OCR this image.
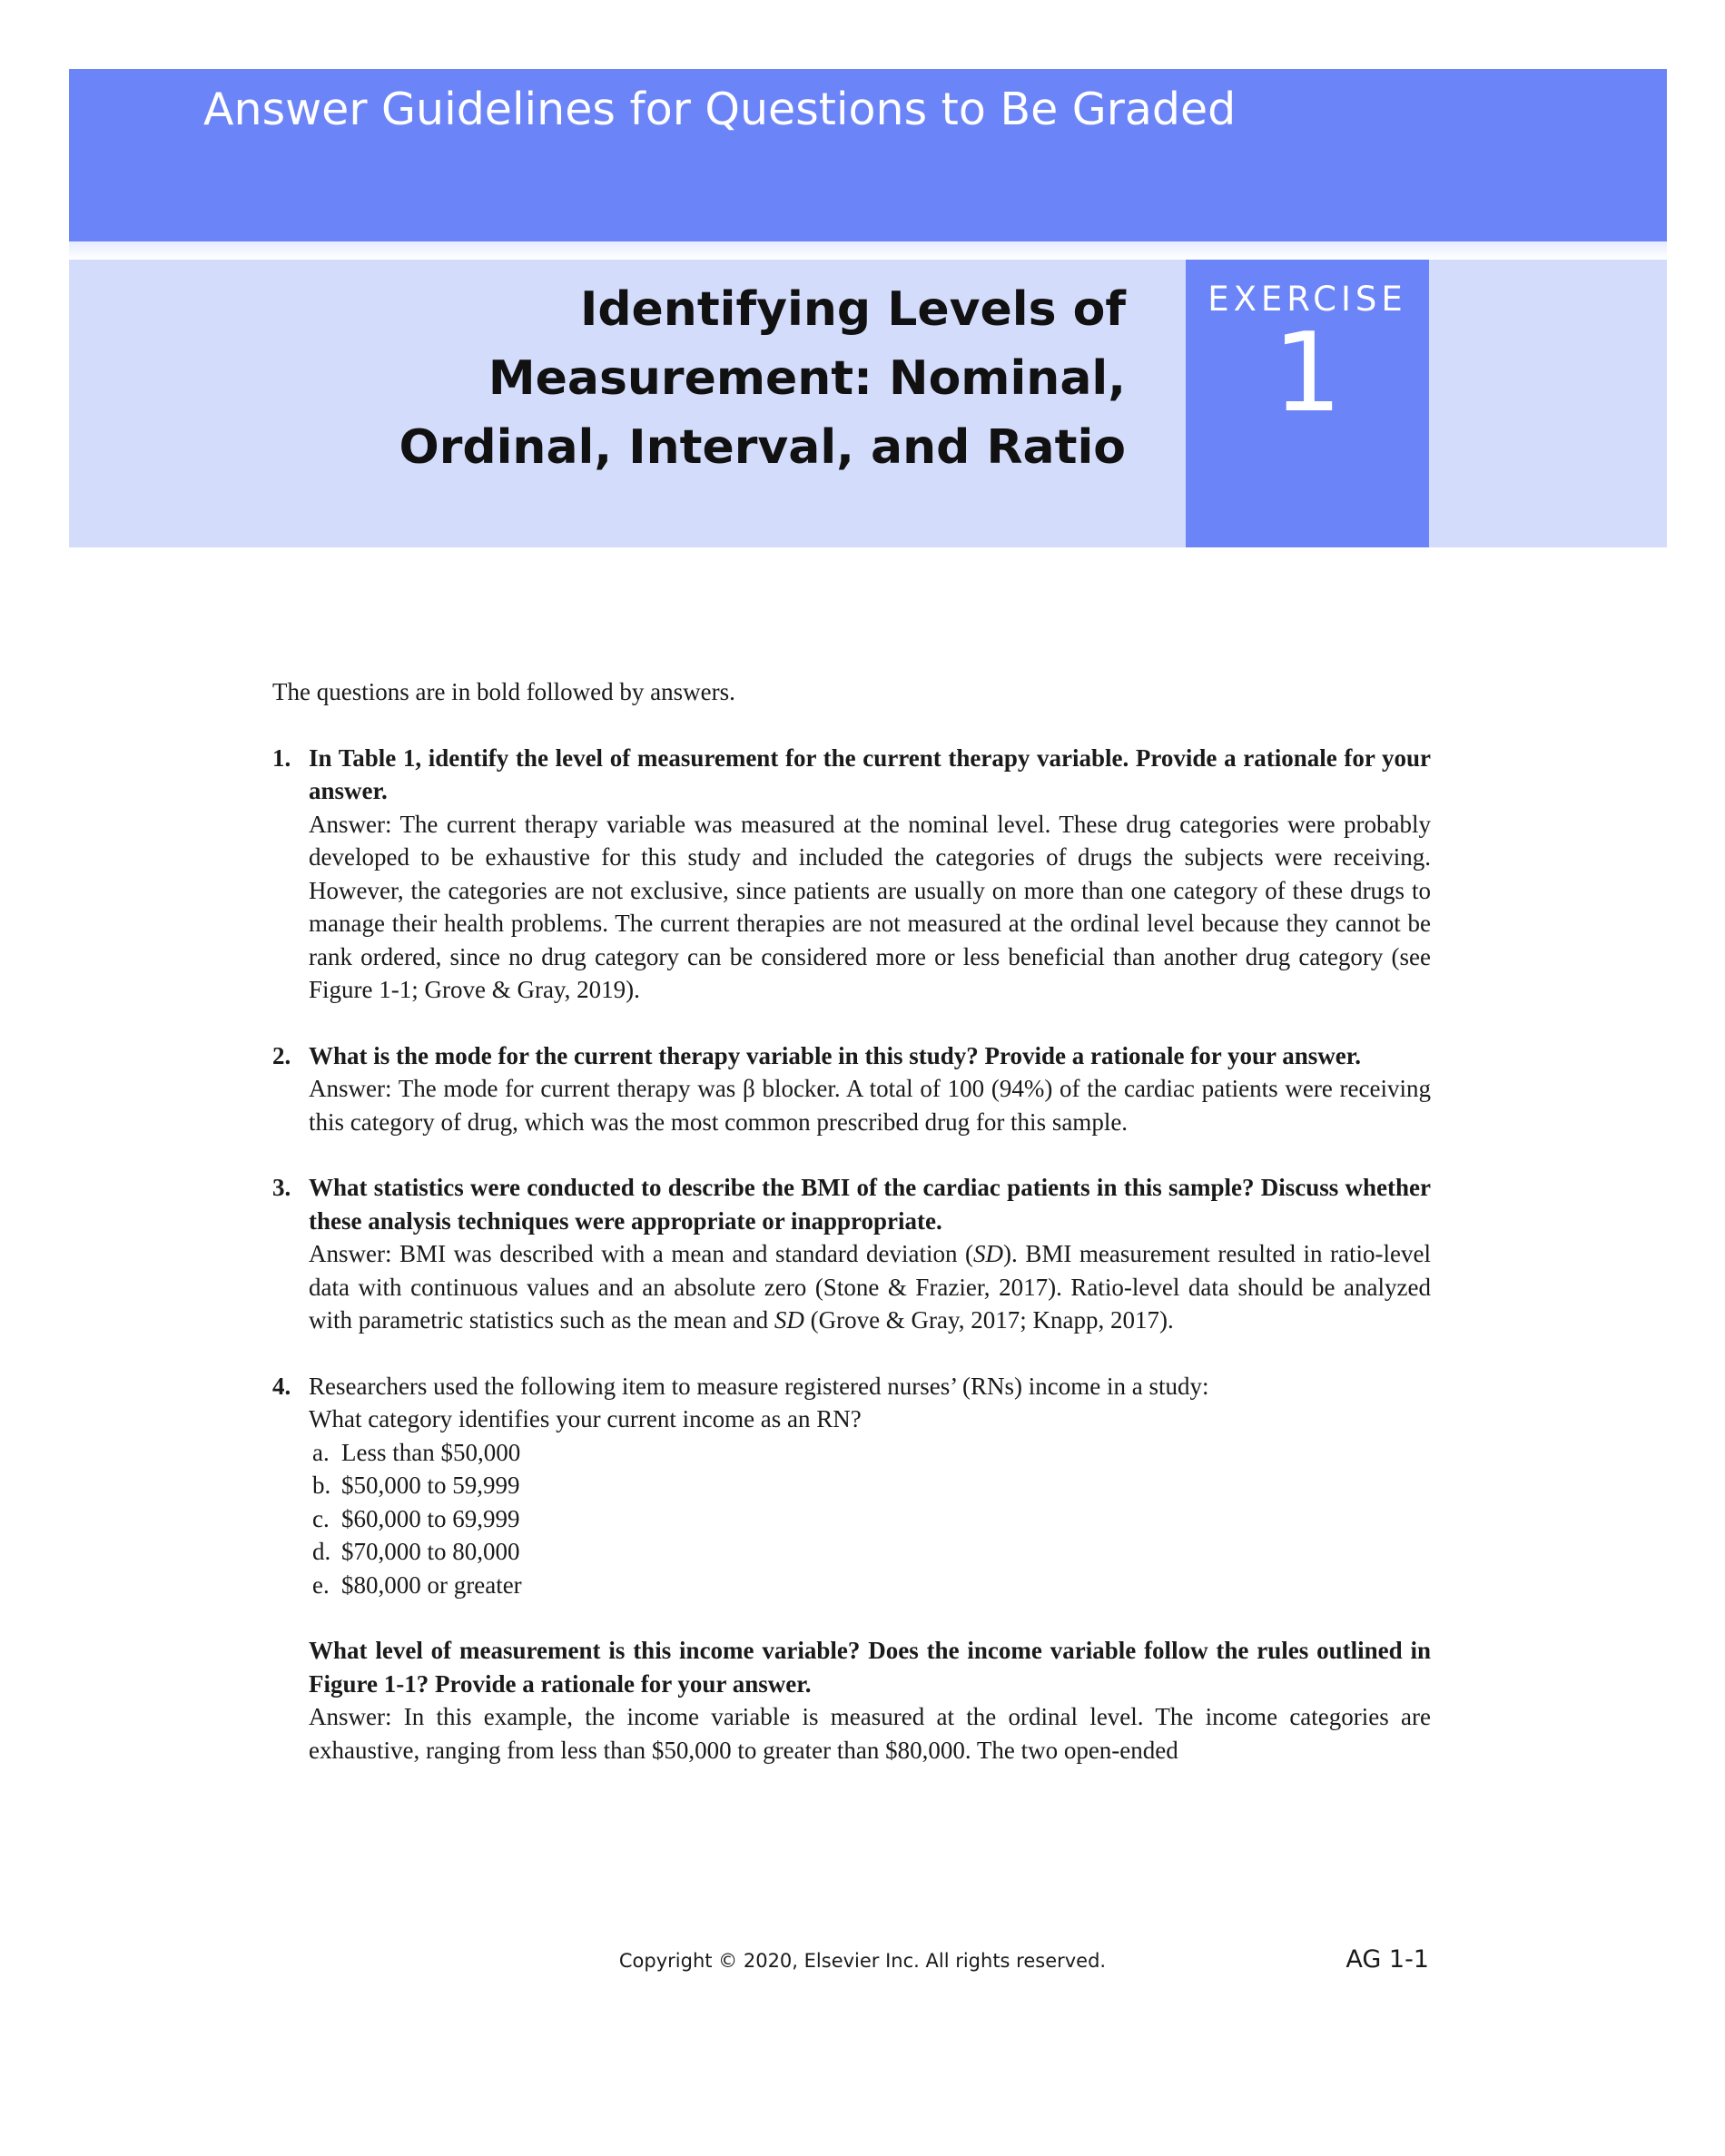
Answer Guidelines for Questions to Be Graded
Identifying Levels of
Measurement: Nominal,
Ordinal, Interval, and Ratio
EXERCISE
1

The questions are in bold followed by answers.

1. In Table 1, identify the level of measurement for the current therapy variable. Provide a rationale for your answer.
Answer: The current therapy variable was measured at the nominal level. These drug categories were probably developed to be exhaustive for this study and included the categories of drugs the subjects were receiving. However, the categories are not exclusive, since patients are usually on more than one category of these drugs to manage their health problems. The current therapies are not measured at the ordinal level because they cannot be rank ordered, since no drug category can be considered more or less beneficial than another drug category (see Figure 1-1; Grove & Gray, 2019).
2. What is the mode for the current therapy variable in this study? Provide a rationale for your answer.
Answer: The mode for current therapy was β blocker. A total of 100 (94%) of the cardiac patients were receiving this category of drug, which was the most common prescribed drug for this sample.
3. What statistics were conducted to describe the BMI of the cardiac patients in this sample? Discuss whether these analysis techniques were appropriate or inappropriate.
Answer: BMI was described with a mean and standard deviation (SD). BMI measurement resulted in ratio-level data with continuous values and an absolute zero (Stone & Frazier, 2017). Ratio-level data should be analyzed with parametric statistics such as the mean and SD (Grove & Gray, 2017; Knapp, 2017).
4. Researchers used the following item to measure registered nurses’ (RNs) income in a study:
What category identifies your current income as an RN?
a. Less than $50,000
b. $50,000 to 59,999
c. $60,000 to 69,999
d. $70,000 to 80,000
e. $80,000 or greater
What level of measurement is this income variable? Does the income variable follow the rules outlined in Figure 1-1? Provide a rationale for your answer.
Answer: In this example, the income variable is measured at the ordinal level. The income categories are exhaustive, ranging from less than $50,000 to greater than $80,000. The two open-ended
Copyright © 2020, Elsevier Inc. All rights reserved.	AG 1-1
